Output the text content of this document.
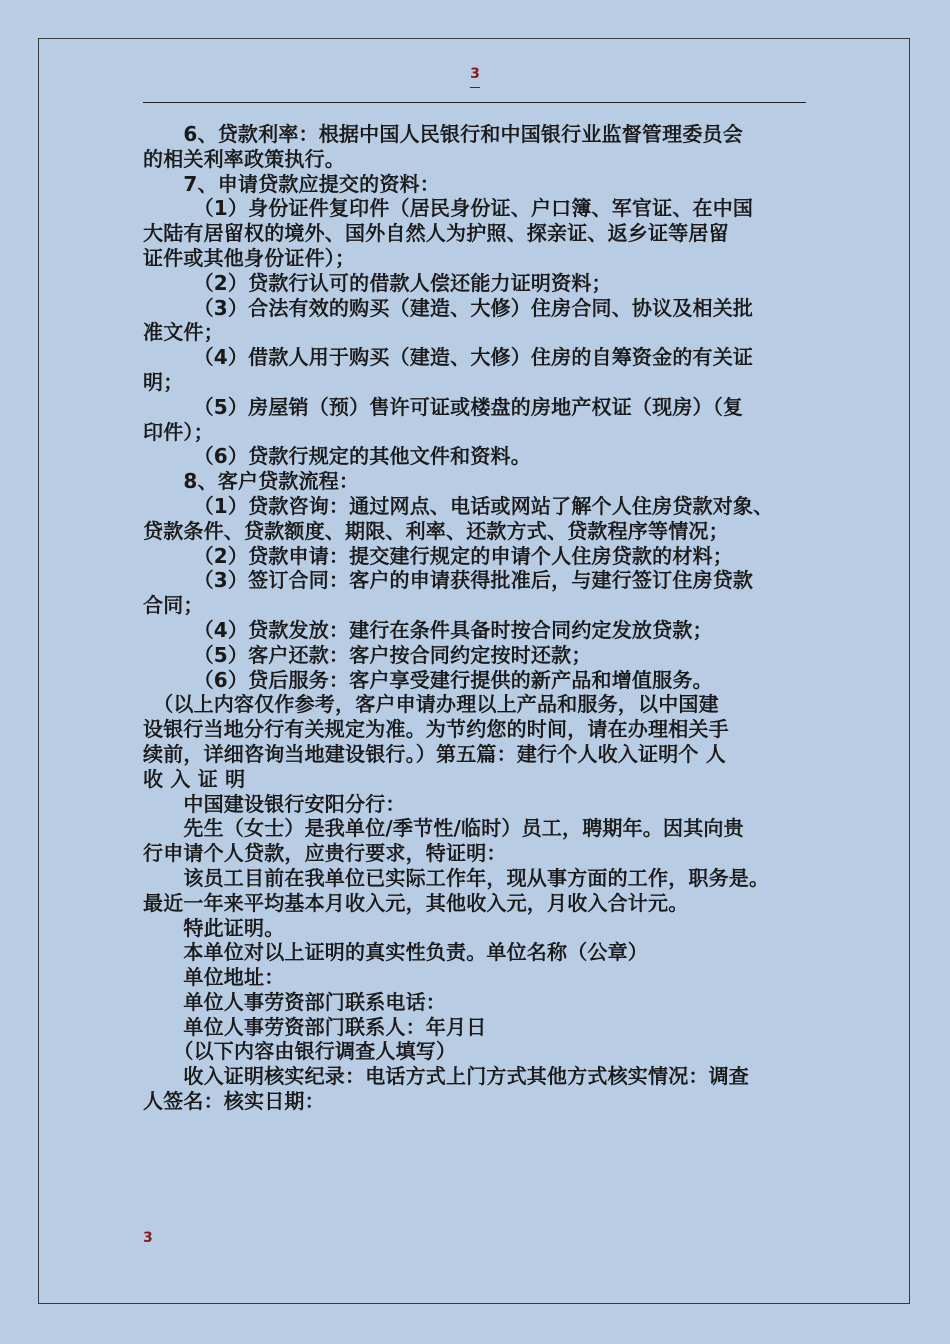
3

　　6、贷款利率：根据中国人民银行和中国银行业监督管理委员会

的相关利率政策执行。

　　7、申请贷款应提交的资料：

　　　（1）身份证件复印件（居民身份证、户口簿、军官证、在中国

大陆有居留权的境外、国外自然人为护照、探亲证、返乡证等居留

证件或其他身份证件）；

　　　（2）贷款行认可的借款人偿还能力证明资料；

　　　（3）合法有效的购买（建造、大修）住房合同、协议及相关批

准文件；

　　　（4）借款人用于购买（建造、大修）住房的自筹资金的有关证

明；

　　　（5）房屋销（预）售许可证或楼盘的房地产权证（现房）（复

印件）；

　　　（6）贷款行规定的其他文件和资料。

　　8、客户贷款流程：

　　　（1）贷款咨询：通过网点、电话或网站了解个人住房贷款对象、

贷款条件、贷款额度、期限、利率、还款方式、贷款程序等情况；

　　　（2）贷款申请：提交建行规定的申请个人住房贷款的材料；

　　　（3）签订合同：客户的申请获得批准后，与建行签订住房贷款

合同；

　　　（4）贷款发放：建行在条件具备时按合同约定发放贷款；

　　　（5）客户还款：客户按合同约定按时还款；

　　　（6）贷后服务：客户享受建行提供的新产品和增值服务。

　（以上内容仅作参考，客户申请办理以上产品和服务，以中国建

设银行当地分行有关规定为准。为节约您的时间，请在办理相关手

续前，详细咨询当地建设银行。）第五篇：建行个人收入证明个 人

收 入 证 明

　　中国建设银行安阳分行：

　　先生（女士）是我单位/季节性/临时）员工，聘期年。因其向贵

行申请个人贷款，应贵行要求，特证明：

　　该员工目前在我单位已实际工作年，现从事方面的工作，职务是。

最近一年来平均基本月收入元，其他收入元，月收入合计元。

　　特此证明。

　　本单位对以上证明的真实性负责。单位名称（公章）

　　单位地址：

　　单位人事劳资部门联系电话：

　　单位人事劳资部门联系人：年月日

　　（以下内容由银行调查人填写）

　　收入证明核实纪录：电话方式上门方式其他方式核实情况：调查

人签名：核实日期：

3
